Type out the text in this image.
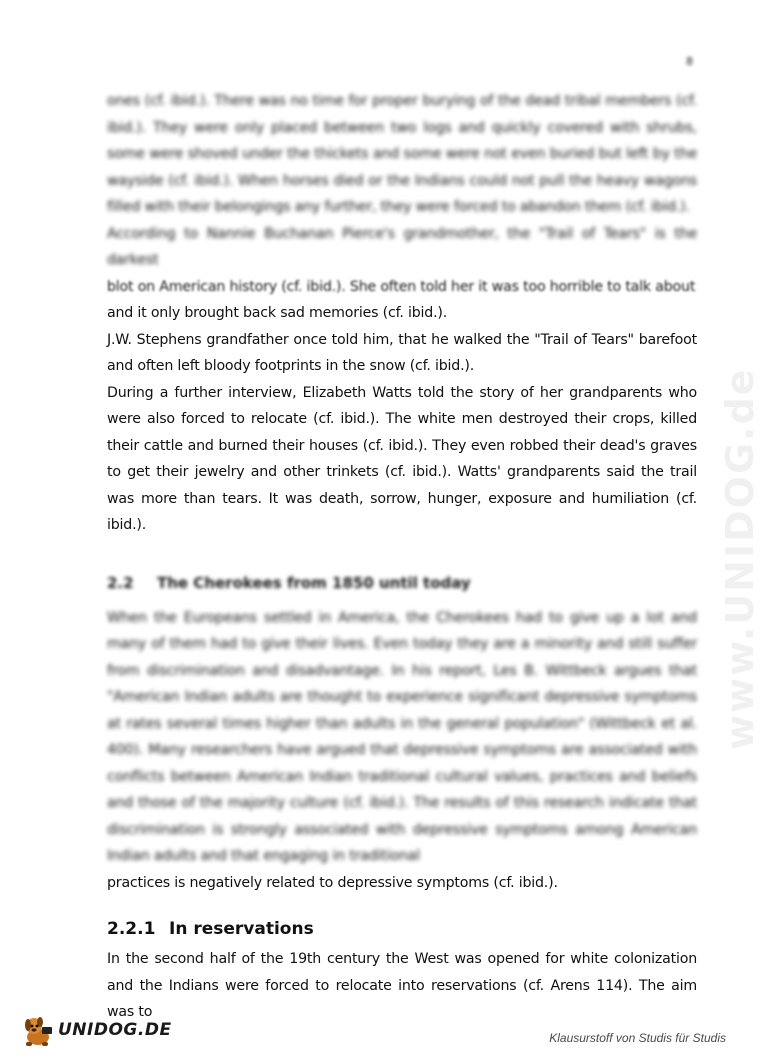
8
www.UNIDOG.de

ones (cf. ibid.). There was no time for proper burying of the dead tribal members (cf. ibid.). They were only placed between two logs and quickly covered with shrubs, some were shoved under the thickets and some were not even buried but left by the wayside (cf. ibid.). When horses died or the Indians could not pull the heavy wagons filled with their belongings any further, they were forced to abandon them (cf. ibid.).

According to Nannie Buchanan Pierce's grandmother, the "Trail of Tears" is the darkest

blot on American history (cf. ibid.). She often told her it was too horrible to talk about

and it only brought back sad memories (cf. ibid.).

J.W. Stephens grandfather once told him, that he walked the "Trail of Tears" barefoot and often left bloody footprints in the snow (cf. ibid.).

During a further interview, Elizabeth Watts told the story of her grandparents who were also forced to relocate (cf. ibid.). The white men destroyed their crops, killed their cattle and burned their houses (cf. ibid.). They even robbed their dead's graves to get their jewelry and other trinkets (cf. ibid.). Watts' grandparents said the trail was more than tears. It was death, sorrow, hunger, exposure and humiliation (cf. ibid.).

2.2	The Cherokees from 1850 until today

When the Europeans settled in America, the Cherokees had to give up a lot and many of them had to give their lives. Even today they are a minority and still suffer from discrimination and disadvantage. In his report, Les B. Wittbeck argues that "American Indian adults are thought to experience significant depressive symptoms at rates several times higher than adults in the general population" (Wittbeck et al. 400). Many researchers have argued that depressive symptoms are associated with conflicts between American Indian traditional cultural values, practices and beliefs and those of the majority culture (cf. ibid.). The results of this research indicate that discrimination is strongly associated with depressive symptoms among American Indian adults and that engaging in traditional

practices is negatively related to depressive symptoms (cf. ibid.).

2.2.1 In reservations

In the second half of the 19th century the West was opened for white colonization and the Indians were forced to relocate into reservations (cf. Arens 114). The aim was to

UNIDOG.DE	Klausurstoff von Studis für Studis
